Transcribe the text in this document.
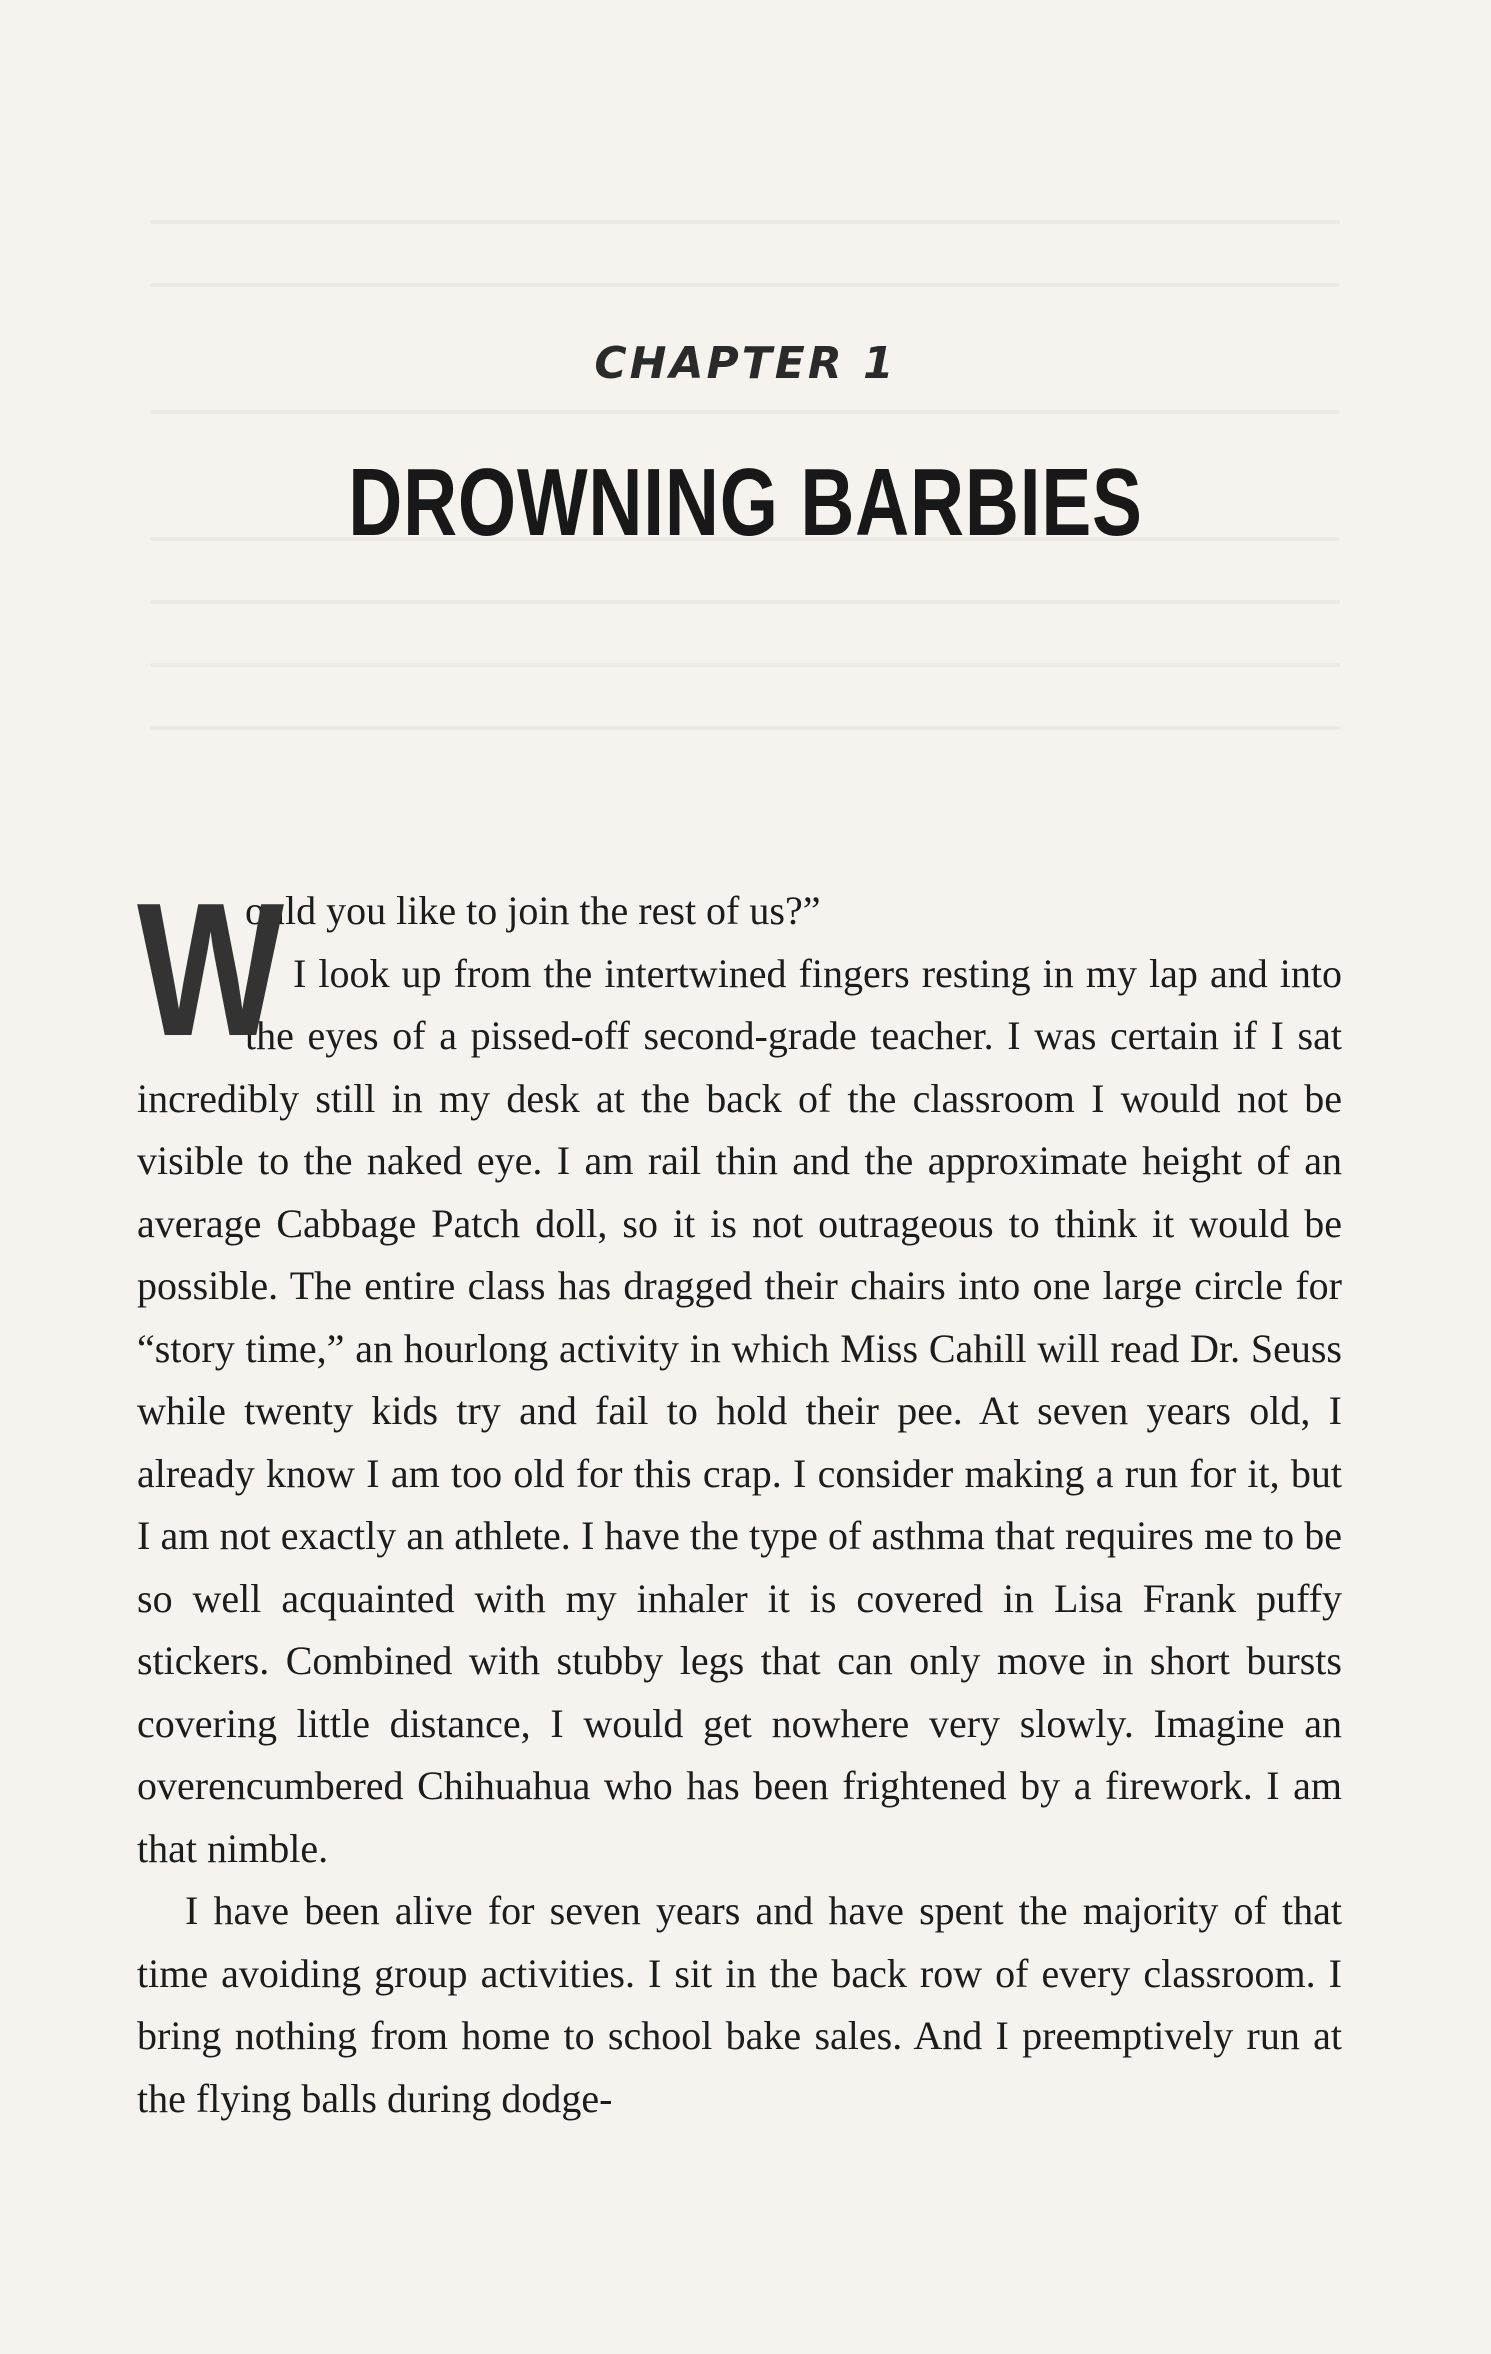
CHAPTER 1
DROWNING BARBIES

W
ould you like to join the rest of us?”
I look up from the intertwined fingers resting in my lap and into the eyes of a pissed-off second-grade teacher. I was certain if I sat incredibly still in my desk at the back of the classroom I would not be visible to the naked eye. I am rail thin and the approximate height of an average Cabbage Patch doll, so it is not outrageous to think it would be possible. The entire class has dragged their chairs into one large circle for “story time,” an hourlong activity in which Miss Cahill will read Dr. Seuss while twenty kids try and fail to hold their pee. At seven years old, I already know I am too old for this crap. I consider making a run for it, but I am not exactly an athlete. I have the type of asthma that requires me to be so well acquainted with my inhaler it is covered in Lisa Frank puffy stickers. Combined with stubby legs that can only move in short bursts covering little distance, I would get nowhere very slowly. Imagine an overencumbered Chihuahua who has been frightened by a firework. I am that nimble.

I have been alive for seven years and have spent the majority of that time avoiding group activities. I sit in the back row of every classroom. I bring nothing from home to school bake sales. And I preemptively run at the flying balls during dodge-
